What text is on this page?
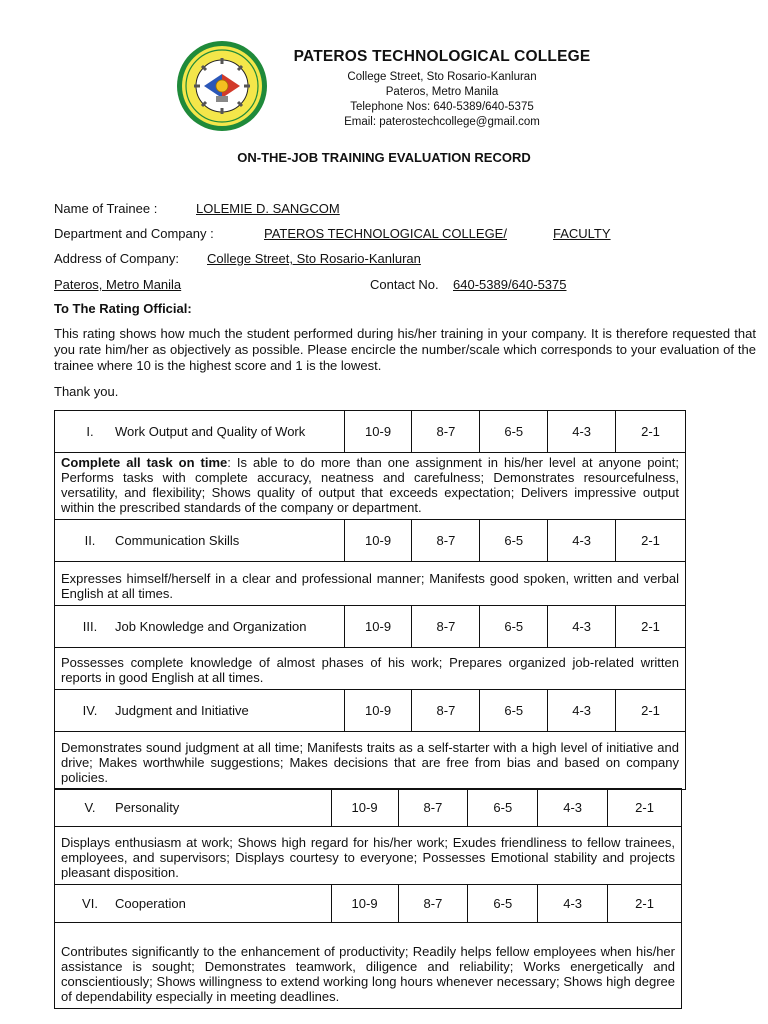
PATEROS TECHNOLOGICAL COLLEGE
College Street, Sto Rosario-Kanluran
Pateros, Metro Manila
Telephone Nos: 640-5389/640-5375
Email: paterostechcollege@gmail.com
ON-THE-JOB TRAINING EVALUATION RECORD
Name of Trainee :	LOLEMIE D. SANGCOM
Department and Company :	PATEROS TECHNOLOGICAL COLLEGE/	FACULTY
Address of Company: College Street, Sto Rosario-Kanluran
Pateros, Metro Manila	Contact No. 640-5389/640-5375
To The Rating Official:
This rating shows how much the student performed during his/her training in your company. It is therefore requested that you rate him/her as objectively as possible. Please encircle the number/scale which corresponds to your evaluation of the trainee where 10 is the highest score and 1 is the lowest.
Thank you.
I. Work Output and Quality of Work	10-9	8-7	6-5	4-3	2-1
Complete all task on time: Is able to do more than one assignment in his/her level at anyone point; Performs tasks with complete accuracy, neatness and carefulness; Demonstrates resourcefulness, versatility, and flexibility; Shows quality of output that exceeds expectation; Delivers impressive output within the prescribed standards of the company or department.					
II. Communication Skills	10-9	8-7	6-5	4-3	2-1
Expresses himself/herself in a clear and professional manner; Manifests good spoken, written and verbal English at all times.					
III. Job Knowledge and Organization	10-9	8-7	6-5	4-3	2-1
Possesses complete knowledge of almost phases of his work; Prepares organized job-related written reports in good English at all times.					
IV. Judgment and Initiative	10-9	8-7	6-5	4-3	2-1
Demonstrates sound judgment at all time; Manifests traits as a self-starter with a high level of initiative and drive; Makes worthwhile suggestions; Makes decisions that are free from bias and based on company policies.					
V. Personality	10-9	8-7	6-5	4-3	2-1
Displays enthusiasm at work; Shows high regard for his/her work; Exudes friendliness to fellow trainees, employees, and supervisors; Displays courtesy to everyone; Possesses Emotional stability and projects pleasant disposition.					
VI. Cooperation	10-9	8-7	6-5	4-3	2-1
Contributes significantly to the enhancement of productivity; Readily helps fellow employees when his/her assistance is sought; Demonstrates teamwork, diligence and reliability; Works energetically and conscientiously; Shows willingness to extend working long hours whenever necessary; Shows high degree of dependability especially in meeting deadlines.					
